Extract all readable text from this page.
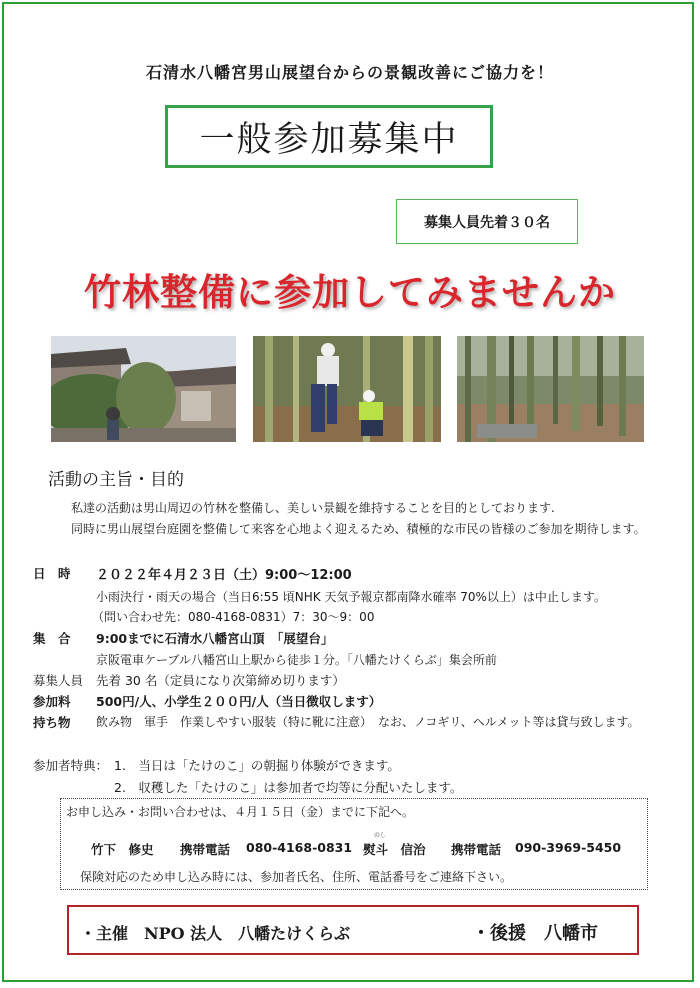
石清水八幡宮男山展望台からの景観改善にご協力を！
一般参加募集中
募集人員先着３０名
竹林整備に参加してみませんか
活動の主旨・目的
私達の活動は男山周辺の竹林を整備し、美しい景観を維持することを目的としております.
同時に男山展望台庭園を整備して来客を心地よく迎えるため、積極的な市民の皆様のご参加を期待します。
日　時 ２０２２年４月２３日（土）9:00～12:00
小雨決行・雨天の場合（当日6:55 頃NHK 天気予報京都南降水確率 70%以上）は中止します。
（問い合わせ先：080-4168-0831）7：30～9：00
集　合 9:00までに石清水八幡宮山頂　「展望台」
京阪電車ケーブル八幡宮山上駅から徒歩１分。「八幡たけくらぶ」集会所前
募集人員 先着 30 名（定員になり次第締め切ります）
参加料 500円/人、小学生２００円/人（当日徴収します）
持ち物 飲み物　軍手　作業しやすい服装（特に靴に注意）　なお、ノコギリ、ヘルメット等は貸与致します。
参加者特典： 1.　当日は「たけのこ」の朝掘り体験ができます。
2.　収穫した「たけのこ」は参加者で均等に分配いたします。
お申し込み・お問い合わせは、４月１５日（金）までに下記へ。
竹下　修史 携帯電話 080-4168-0831
のし
熨斗　信治 携帯電話 090-3969-5450
保険対応のため申し込み時には、参加者氏名、住所、電話番号をご連絡下さい。
・主催　NPO 法人　八幡たけくらぶ	・後援　八幡市
